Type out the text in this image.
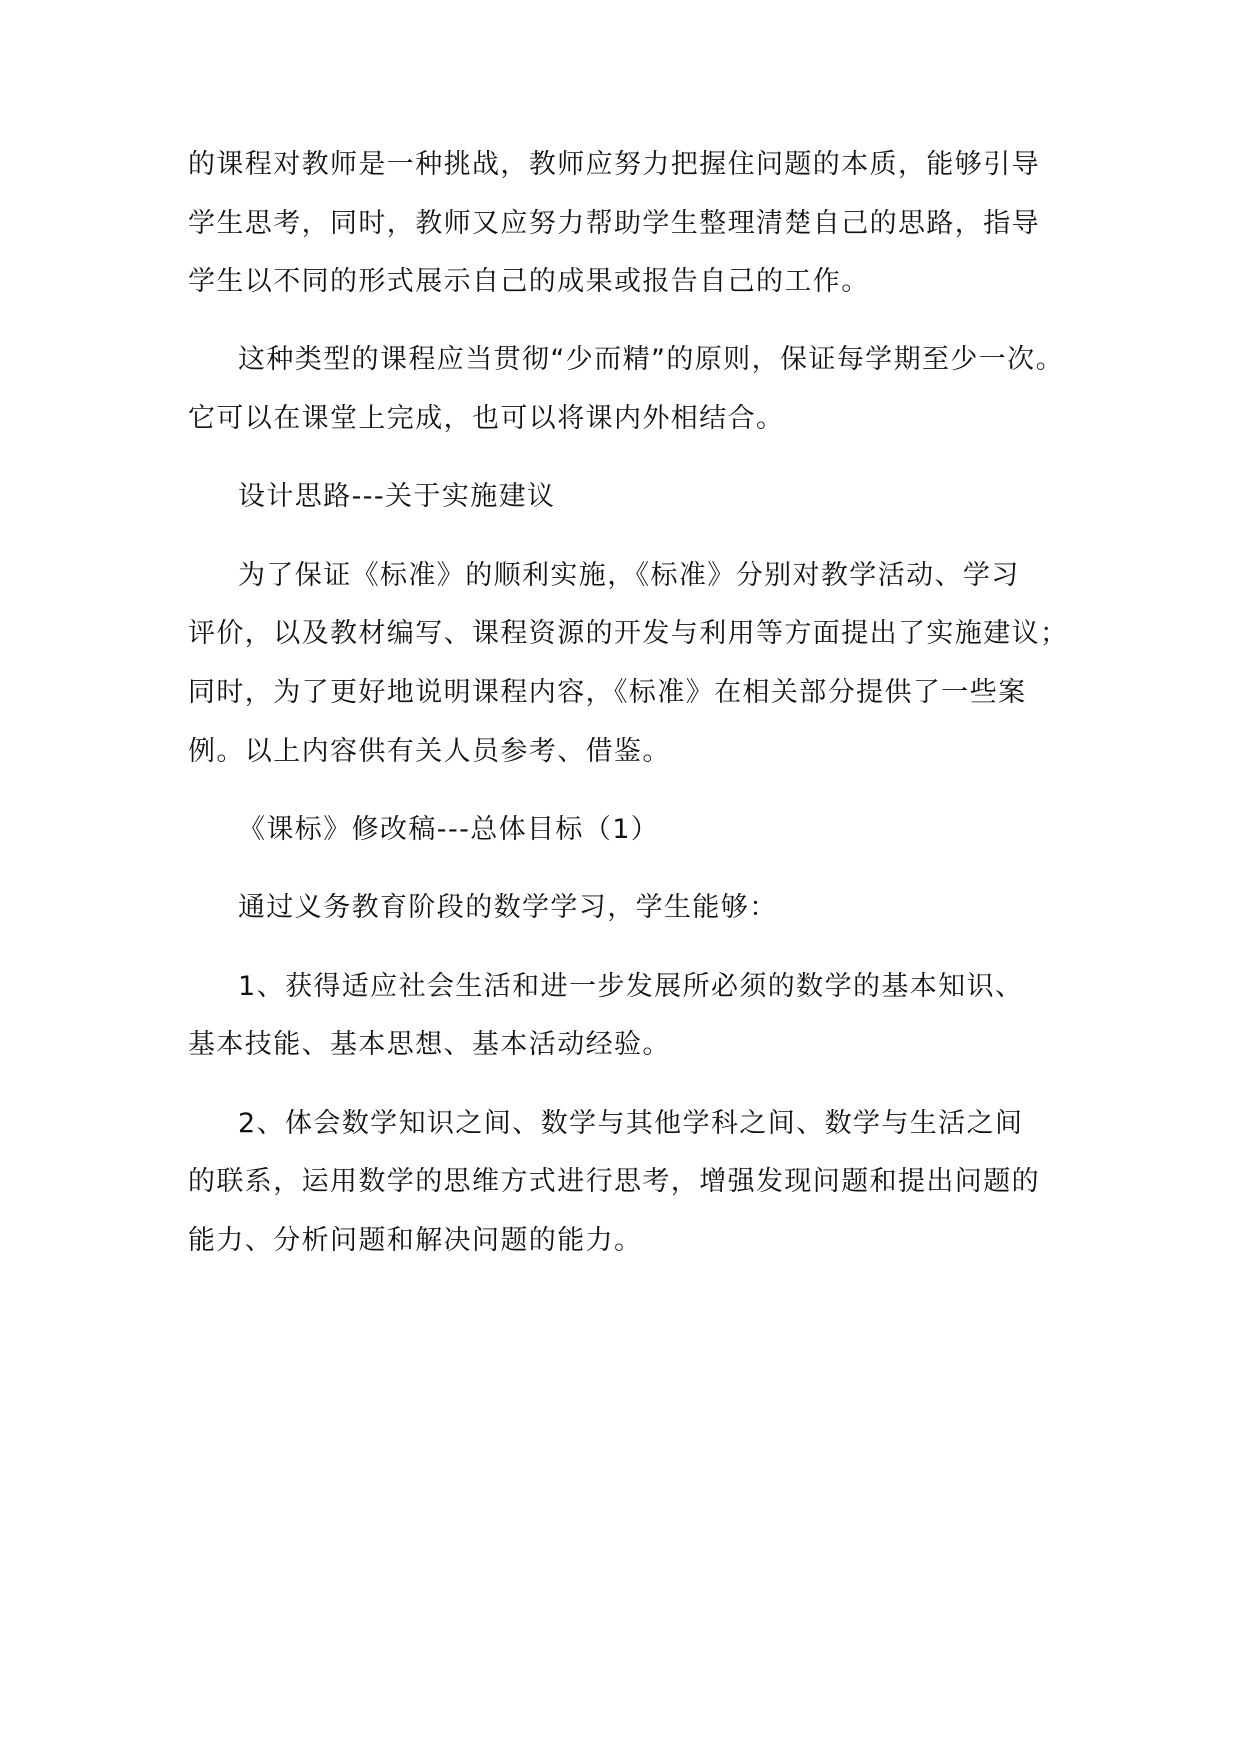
的课程对教师是一种挑战，教师应努力把握住问题的本质，能够引导
学生思考，同时，教师又应努力帮助学生整理清楚自己的思路，指导
学生以不同的形式展示自己的成果或报告自己的工作。
这种类型的课程应当贯彻“少而精”的原则，保证每学期至少一次。
它可以在课堂上完成，也可以将课内外相结合。
设计思路---关于实施建议
为了保证《标准》的顺利实施，《标准》分别对教学活动、学习
评价，以及教材编写、课程资源的开发与利用等方面提出了实施建议；
同时，为了更好地说明课程内容，《标准》在相关部分提供了一些案
例。以上内容供有关人员参考、借鉴。
《课标》修改稿---总体目标（1）
通过义务教育阶段的数学学习，学生能够：
1、获得适应社会生活和进一步发展所必须的数学的基本知识、
基本技能、基本思想、基本活动经验。
2、体会数学知识之间、数学与其他学科之间、数学与生活之间
的联系，运用数学的思维方式进行思考，增强发现问题和提出问题的
能力、分析问题和解决问题的能力。
